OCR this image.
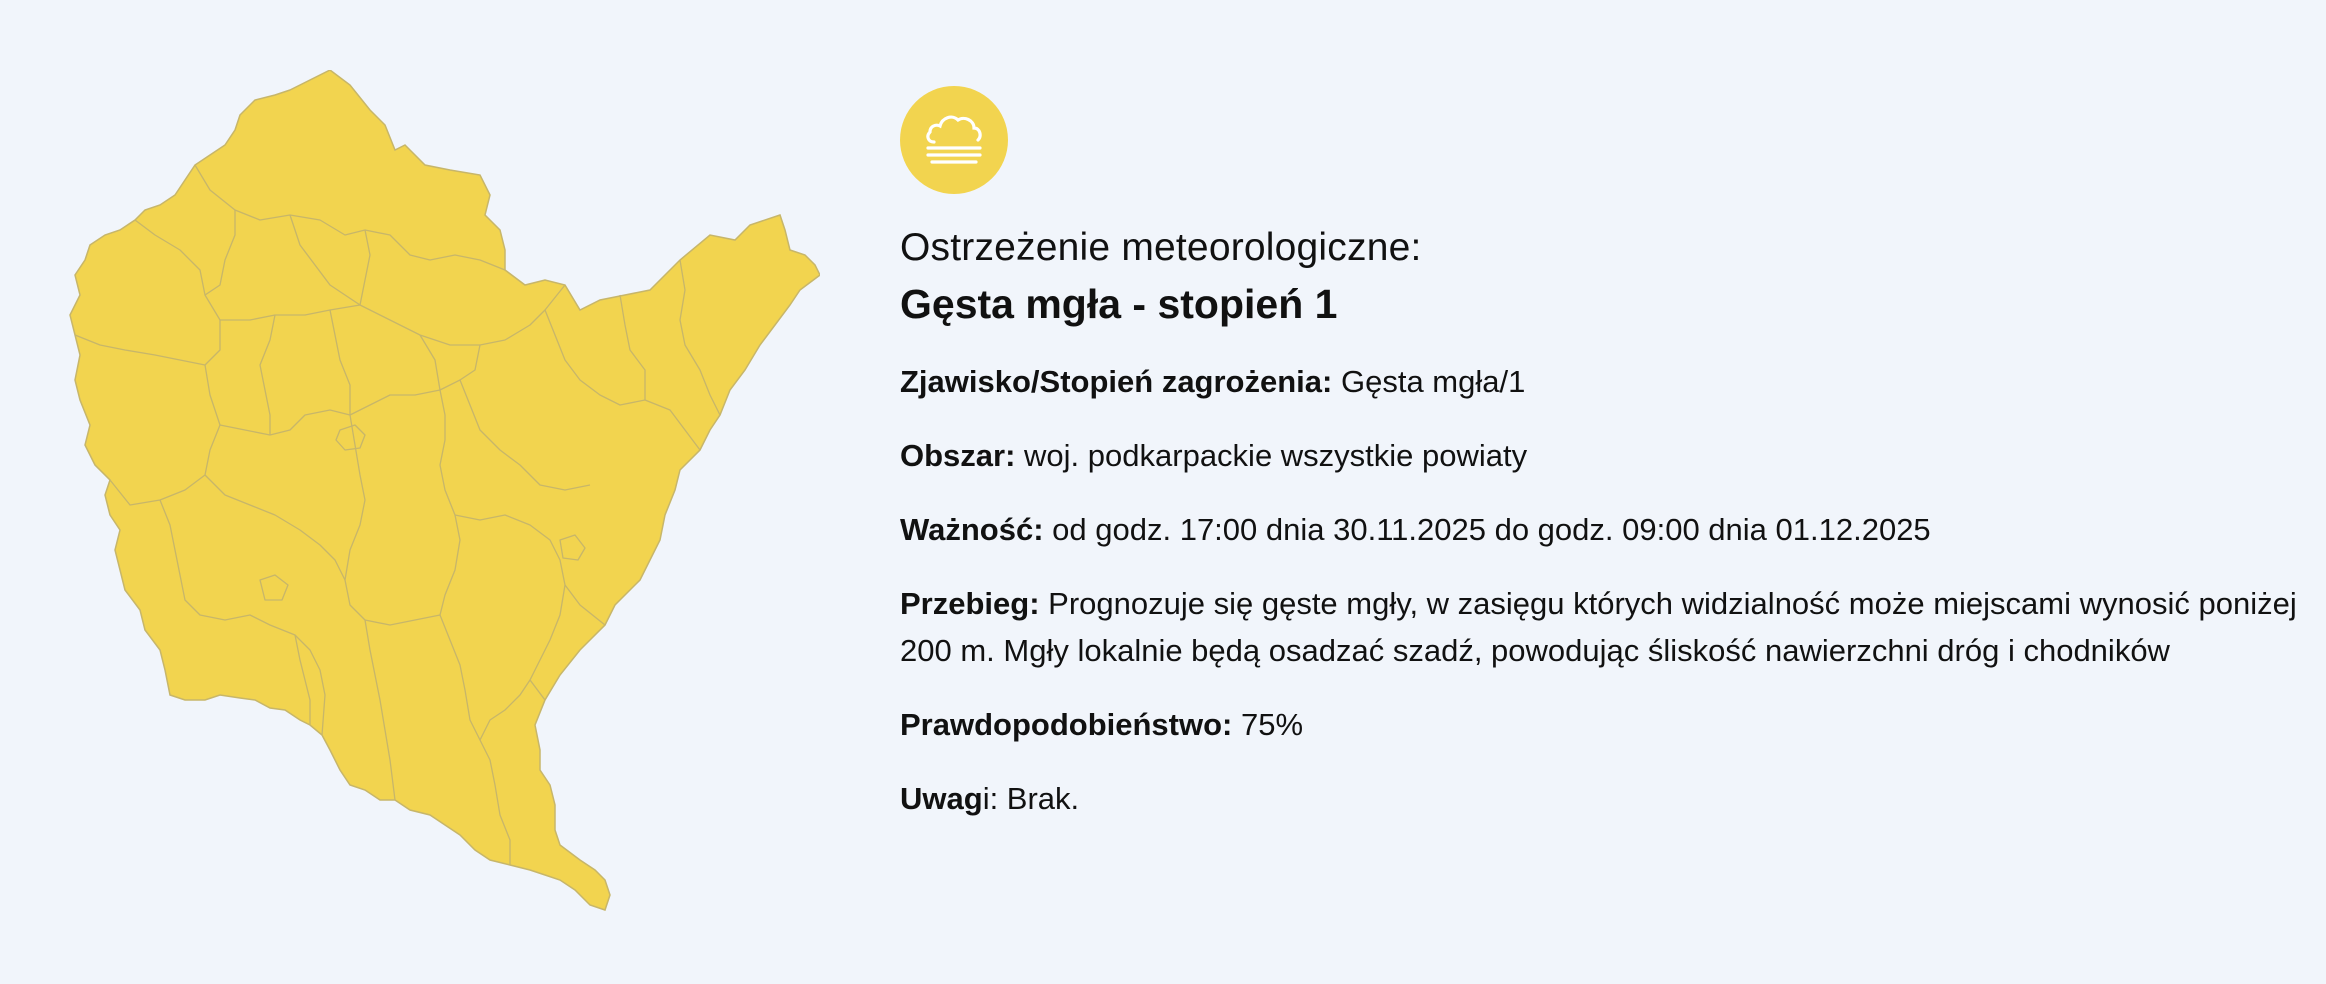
Ostrzeżenie meteorologiczne:
Gęsta mgła - stopień 1
Zjawisko/Stopień zagrożenia: Gęsta mgła/1
Obszar: woj. podkarpackie wszystkie powiaty
Ważność: od godz. 17:00 dnia 30.11.2025 do godz. 09:00 dnia 01.12.2025
Przebieg: Prognozuje się gęste mgły, w zasięgu których widzialność może miejscami wynosić poniżej 200 m. Mgły lokalnie będą osadzać szadź, powodując śliskość nawierzchni dróg i chodników
Prawdopodobieństwo: 75%
Uwagi: Brak.
